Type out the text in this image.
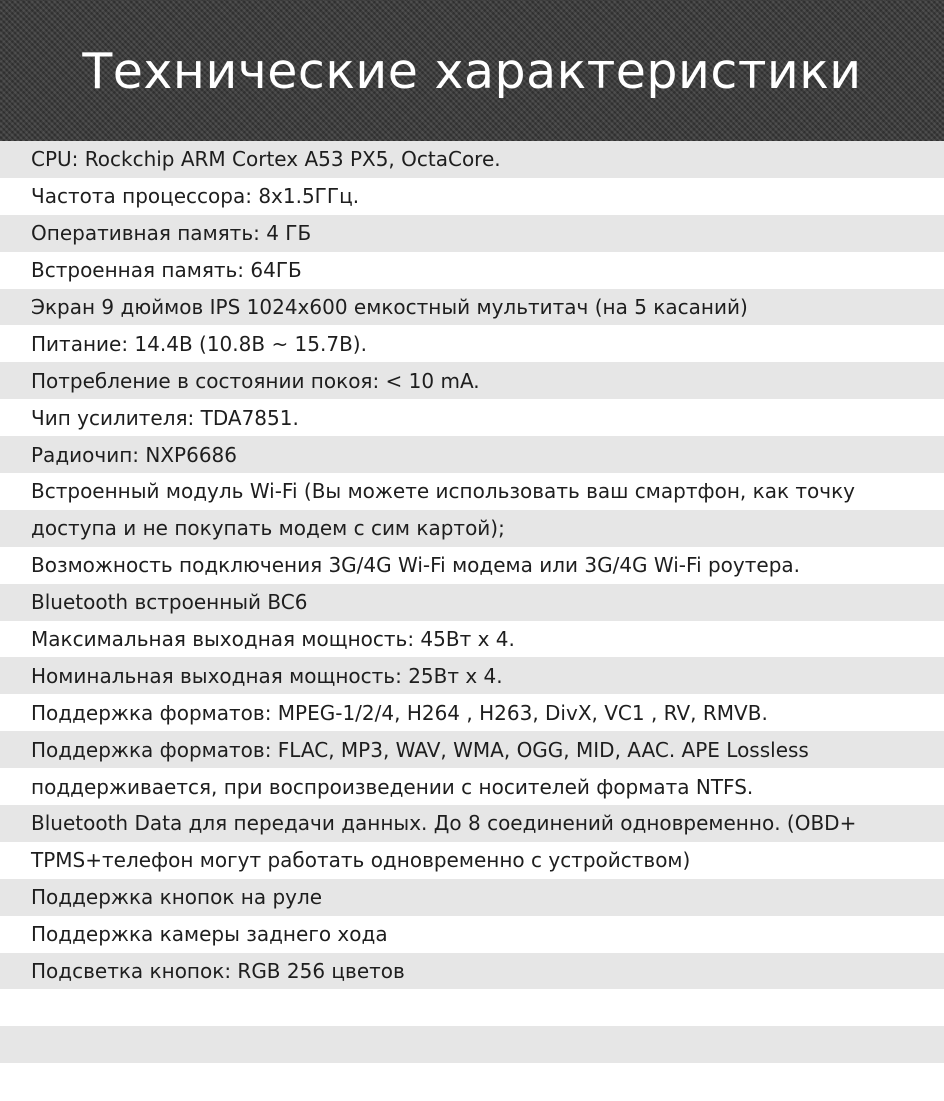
Технические характеристики
CPU: Rockchip ARM Cortex A53 PX5, OctaCore.
Частота процессора: 8x1.5ГГц.
Оперативная память: 4 ГБ
Встроенная память: 64ГБ
Экран 9 дюймов IPS 1024x600 емкостный мультитач (на 5 касаний)
Питание: 14.4В (10.8В ~ 15.7В).
Потребление в состоянии покоя: < 10 mA.
Чип усилителя: TDA7851.
Радиочип: NXP6686
Встроенный модуль Wi-Fi (Вы можете использовать ваш смартфон, как точку
доступа и не покупать модем с сим картой);
Возможность подключения 3G/4G Wi-Fi модема или 3G/4G Wi-Fi роутера.
Bluetooth встроенный BC6
Максимальная выходная мощность: 45Вт х 4.
Номинальная выходная мощность: 25Вт х 4.
Поддержка форматов: MPEG-1/2/4, H264 , H263, DivX, VC1 , RV, RMVB.
Поддержка форматов: FLAC, MP3, WAV, WMA, OGG, MID, AAC. APE Lossless
поддерживается, при воспроизведении с носителей формата NTFS.
Bluetooth Data для передачи данных. До 8 соединений одновременно. (OBD+
TPMS+телефон могут работать одновременно с устройством)
Поддержка кнопок на руле
Поддержка камеры заднего хода
Подсветка кнопок: RGB 256 цветов
